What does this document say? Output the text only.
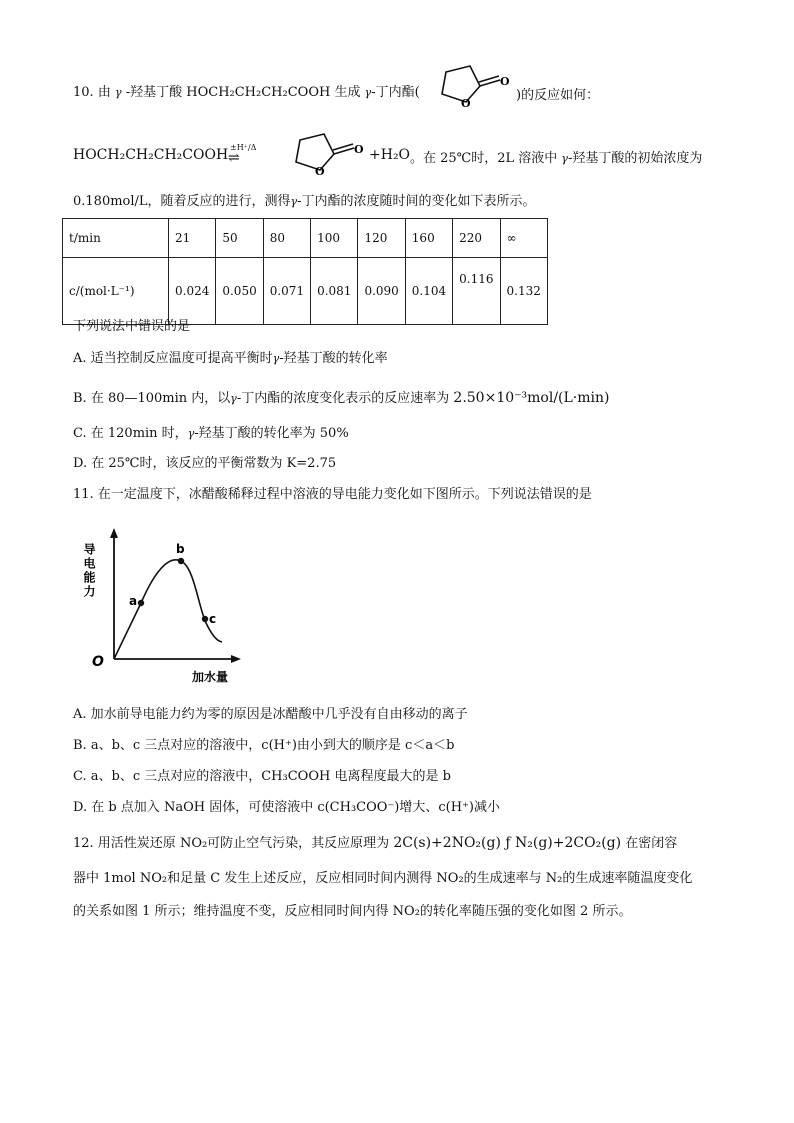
10. 由 γ -羟基丁酸 HOCH₂CH₂CH₂COOH 生成 γ-丁内酯(
O
O
)的反应如何：
HOCH₂CH₂CH₂COOH ±H⁺/Δ
⇌
O
O
+H₂O 。在 25℃时，2L 溶液中 γ-羟基丁酸的初始浓度为
0.180mol/L，随着反应的进行，测得γ-丁内酯的浓度随时间的变化如下表所示。
t/min	21	50	80	100	120	160	220	∞
c/(mol·L⁻¹)	0.024	0.050	0.071	0.081	0.090	0.104	0.116	0.132
下列说法中错误的是
A. 适当控制反应温度可提高平衡时γ-羟基丁酸的转化率
B. 在 80—100min 内，以γ-丁内酯的浓度变化表示的反应速率为 2.50×10⁻³mol/(L·min)
C. 在 120min 时，γ-羟基丁酸的转化率为 50%
D. 在 25℃时，该反应的平衡常数为 K=2.75
11. 在一定温度下，冰醋酸稀释过程中溶液的导电能力变化如下图所示。下列说法错误的是
a
b
c
O
加水量
导电能力
A. 加水前导电能力约为零的原因是冰醋酸中几乎没有自由移动的离子
B. a、b、c 三点对应的溶液中，c(H⁺)由小到大的顺序是 c＜a＜b
C. a、b、c 三点对应的溶液中，CH₃COOH 电离程度最大的是 b
D. 在 b 点加入 NaOH 固体，可使溶液中 c(CH₃COO⁻)增大、c(H⁺)减小
12. 用活性炭还原 NO₂可防止空气污染，其反应原理为 2C(s)+2NO₂(g) ƒ N₂(g)+2CO₂(g) 在密闭容
器中 1mol NO₂和足量 C 发生上述反应，反应相同时间内测得 NO₂的生成速率与 N₂的生成速率随温度变化
的关系如图 1 所示；维持温度不变，反应相同时间内得 NO₂的转化率随压强的变化如图 2 所示。
